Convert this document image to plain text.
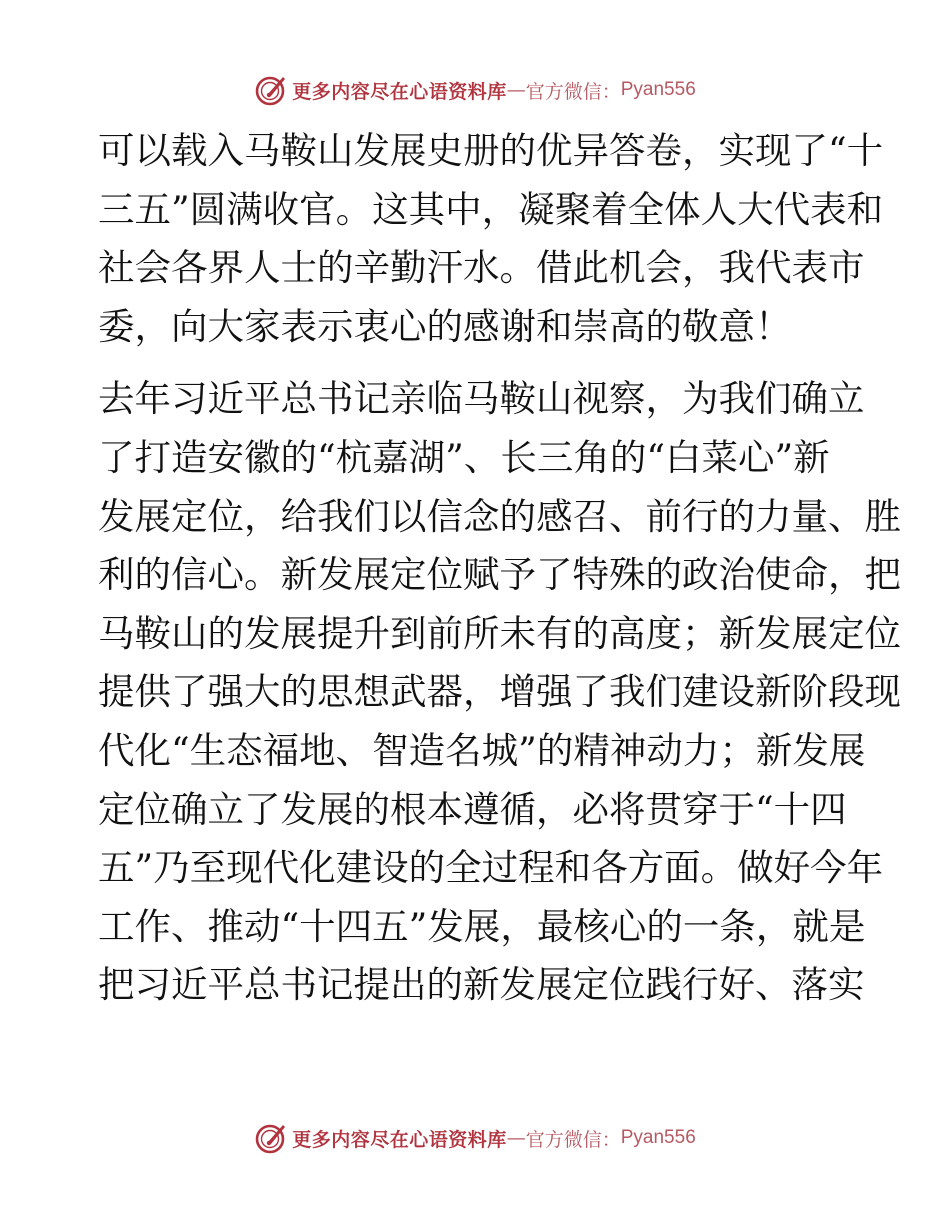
更多内容尽在心语资料库 — 官方微信： Pyan556

可以载入马鞍山发展史册的优异答卷，实现了“十
三五”圆满收官。这其中，凝聚着全体人大代表和
社会各界人士的辛勤汗水。借此机会，我代表市
委，向大家表示衷心的感谢和崇高的敬意！

去年习近平总书记亲临马鞍山视察，为我们确立
了打造安徽的“杭嘉湖”、长三角的“白菜心”新
发展定位，给我们以信念的感召、前行的力量、胜
利的信心。新发展定位赋予了特殊的政治使命，把
马鞍山的发展提升到前所未有的高度；新发展定位
提供了强大的思想武器，增强了我们建设新阶段现
代化“生态福地、智造名城”的精神动力；新发展
定位确立了发展的根本遵循，必将贯穿于“十四
五”乃至现代化建设的全过程和各方面。做好今年
工作、推动“十四五”发展，最核心的一条，就是
把习近平总书记提出的新发展定位践行好、落实

更多内容尽在心语资料库 — 官方微信： Pyan556
